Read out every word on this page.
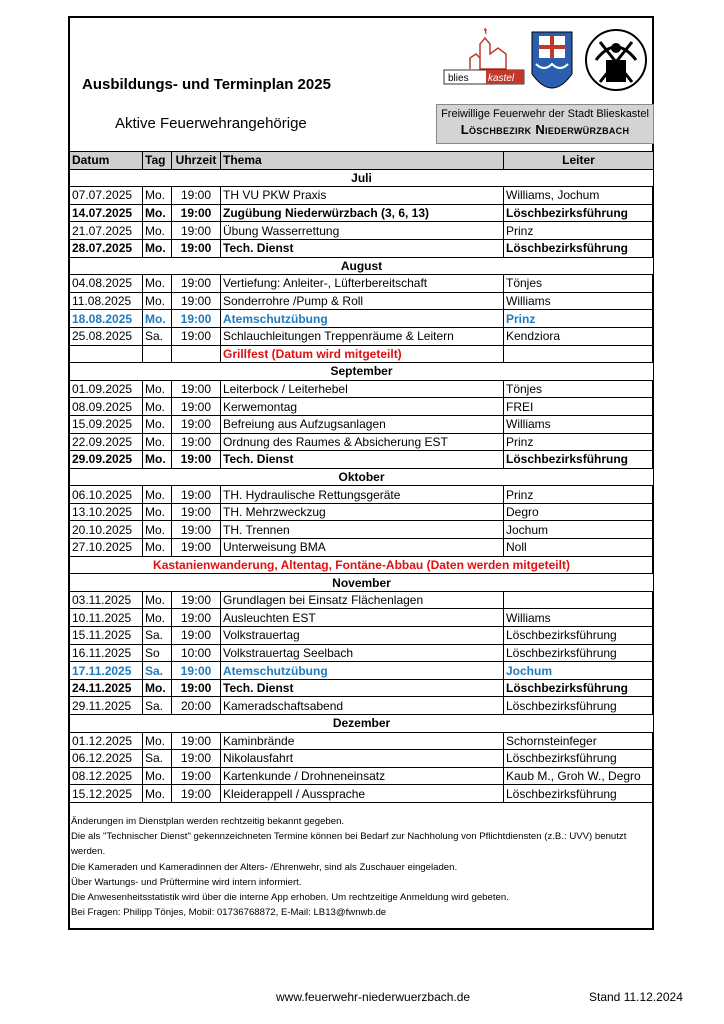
Ausbildungs- und Terminplan 2025
Aktive Feuerwehrangehörige
blies kastel
Freiwillige Feuerwehr der Stadt Blieskastel
Löschbezirk Niederwürzbach
Datum	Tag	Uhrzeit	Thema	Leiter
Juli				
07.07.2025	Mo.	19:00	TH VU PKW Praxis	Williams, Jochum
14.07.2025	Mo.	19:00	Zugübung Niederwürzbach (3, 6, 13)	Löschbezirksführung
21.07.2025	Mo.	19:00	Übung Wasserrettung	Prinz
28.07.2025	Mo.	19:00	Tech. Dienst	Löschbezirksführung
August				
04.08.2025	Mo.	19:00	Vertiefung: Anleiter-, Lüfterbereitschaft	Tönjes
11.08.2025	Mo.	19:00	Sonderrohre /Pump & Roll	Williams
18.08.2025	Mo.	19:00	Atemschutzübung	Prinz
25.08.2025	Sa.	19:00	Schlauchleitungen Treppenräume & Leitern	Kendziora
			Grillfest (Datum wird mitgeteilt)	
September				
01.09.2025	Mo.	19:00	Leiterbock / Leiterhebel	Tönjes
08.09.2025	Mo.	19:00	Kerwemontag	FREI
15.09.2025	Mo.	19:00	Befreiung aus Aufzugsanlagen	Williams
22.09.2025	Mo.	19:00	Ordnung des Raumes & Absicherung EST	Prinz
29.09.2025	Mo.	19:00	Tech. Dienst	Löschbezirksführung
Oktober				
06.10.2025	Mo.	19:00	TH. Hydraulische Rettungsgeräte	Prinz
13.10.2025	Mo.	19:00	TH. Mehrzweckzug	Degro
20.10.2025	Mo.	19:00	TH. Trennen	Jochum
27.10.2025	Mo.	19:00	Unterweisung BMA	Noll
Kastanienwanderung, Altentag, Fontäne-Abbau (Daten werden mitgeteilt)				
November				
03.11.2025	Mo.	19:00	Grundlagen bei Einsatz Flächenlagen	
10.11.2025	Mo.	19:00	Ausleuchten EST	Williams
15.11.2025	Sa.	19:00	Volkstrauertag	Löschbezirksführung
16.11.2025	So	10:00	Volkstrauertag Seelbach	Löschbezirksführung
17.11.2025	Sa.	19:00	Atemschutzübung	Jochum
24.11.2025	Mo.	19:00	Tech. Dienst	Löschbezirksführung
29.11.2025	Sa.	20:00	Kameradschaftsabend	Löschbezirksführung
Dezember				
01.12.2025	Mo.	19:00	Kaminbrände	Schornsteinfeger
06.12.2025	Sa.	19:00	Nikolausfahrt	Löschbezirksführung
08.12.2025	Mo.	19:00	Kartenkunde / Drohneneinsatz	Kaub M., Groh W., Degro
15.12.2025	Mo.	19:00	Kleiderappell / Aussprache	Löschbezirksführung
Änderungen im Dienstplan werden rechtzeitig bekannt gegeben.
Die als "Technischer Dienst" gekennzeichneten Termine können bei Bedarf zur Nachholung von Pflichtdiensten (z.B.: UVV) benutzt werden.
Die Kameraden und Kameradinnen der Alters- /Ehrenwehr, sind als Zuschauer eingeladen.
Über Wartungs- und Prüftermine wird intern informiert.
Die Anwesenheitsstatistik wird über die interne App erhoben. Um rechtzeitige Anmeldung wird gebeten.
Bei Fragen: Philipp Tönjes, Mobil: 01736768872, E-Mail: LB13@fwnwb.de
www.feuerwehr-niederwuerzbach.de	Stand 11.12.2024
